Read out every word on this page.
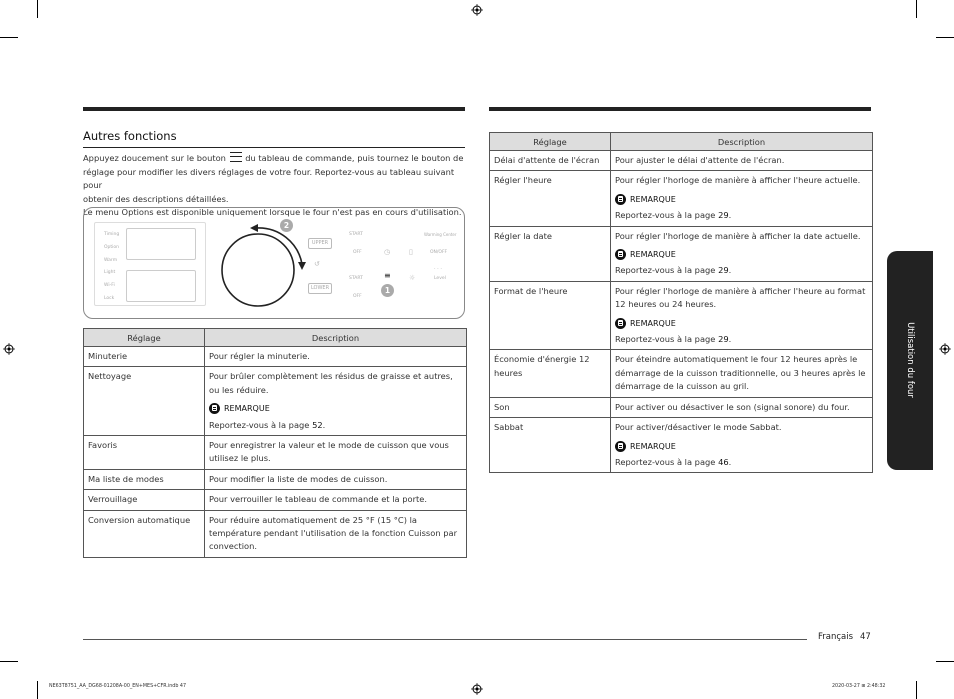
Autres fonctions

Appuyez doucement sur le bouton du tableau de commande, puis tournez le bouton de

réglage pour modifier les divers réglages de votre four. Reportez-vous au tableau suivant pour

obtenir des descriptions détaillées.

Le menu Options est disponible uniquement lorsque le four n'est pas en cours d'utilisation.

Timing
Option
Warm
Light
Wi-Fi
Lock
2
UPPER
↺
LOWER
START
OFF
START
OFF
◷
≡
1
▯
☼
Warming Center
ON/OFF
· · ·
Level
Réglage	Description
Minuterie	Pour régler la minuterie.
Nettoyage	Pour brûler complètement les résidus de graisse et autres, ou les réduire.
REMARQUE
Reportez-vous à la page 52.

Favoris	Pour enregistrer la valeur et le mode de cuisson que vous utilisez le plus.
Ma liste de modes	Pour modifier la liste de modes de cuisson.
Verrouillage	Pour verrouiller le tableau de commande et la porte.
Conversion automatique	Pour réduire automatiquement de 25 °F (15 °C) la température pendant l'utilisation de la fonction Cuisson par convection.
Réglage	Description
Délai d'attente de l'écran	Pour ajuster le délai d'attente de l'écran.
Régler l'heure	Pour régler l'horloge de manière à afficher l'heure actuelle.
REMARQUE
Reportez-vous à la page 29.

Régler la date	Pour régler l'horloge de manière à afficher la date actuelle.
REMARQUE
Reportez-vous à la page 29.

Format de l'heure	Pour régler l'horloge de manière à afficher l'heure au format 12 heures ou 24 heures.
REMARQUE
Reportez-vous à la page 29.

Économie d'énergie 12 heures	Pour éteindre automatiquement le four 12 heures après le démarrage de la cuisson traditionnelle, ou 3 heures après le démarrage de la cuisson au gril.
Son	Pour activer ou désactiver le son (signal sonore) du four.
Sabbat	Pour activer/désactiver le mode Sabbat.
REMARQUE
Reportez-vous à la page 46.
Utilisation du four
Français 47
NE63T8751_AA_DG68-01208A-00_EN+MES+CFR.indb 47	2020-03-27 ⊞ 2:48:32
